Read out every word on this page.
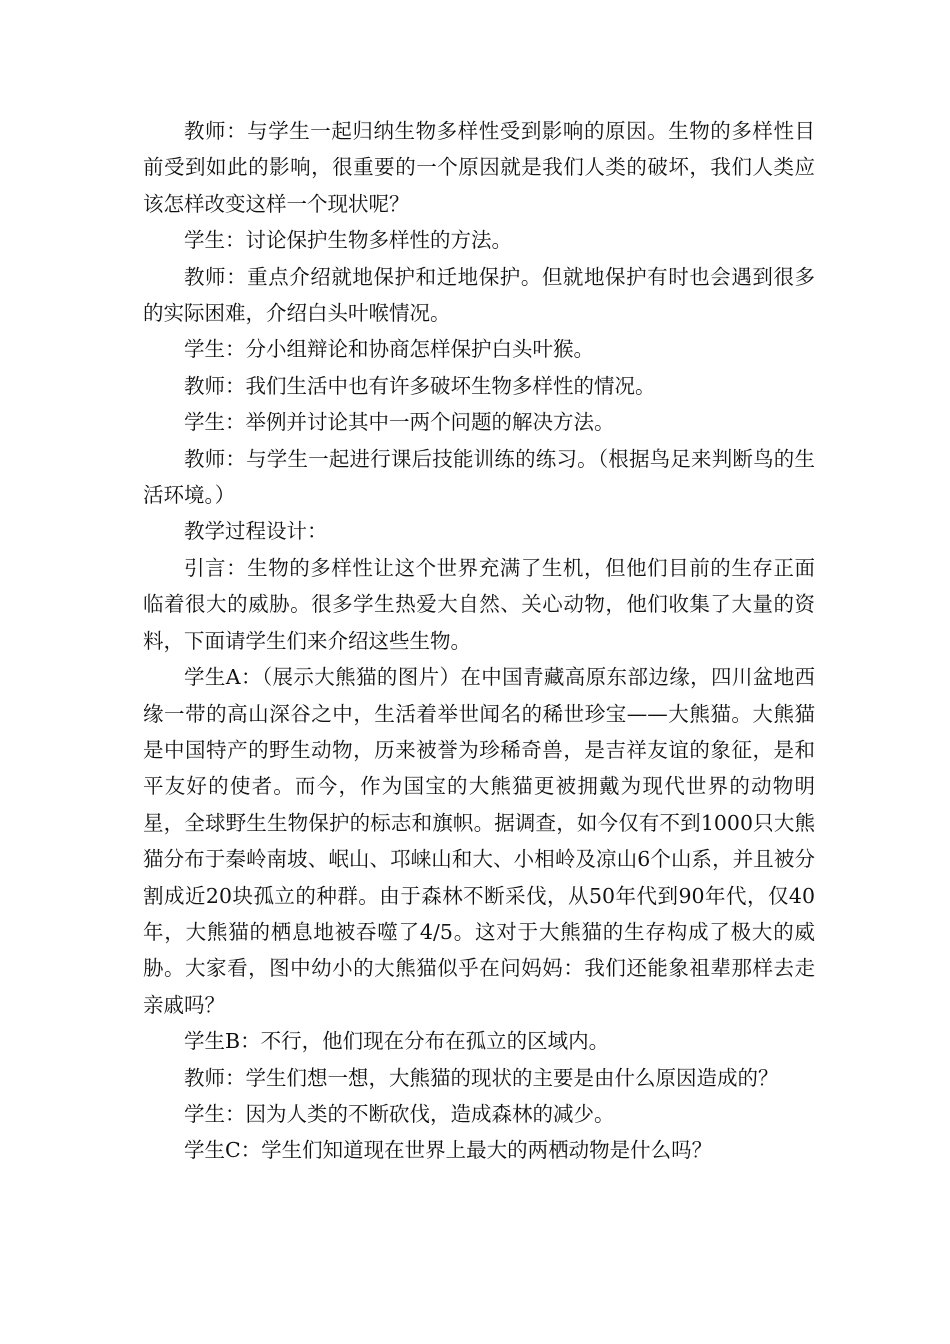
教师：与学生一起归纳生物多样性受到影响的原因。生物的多样性目前受到如此的影响，很重要的一个原因就是我们人类的破坏，我们人类应该怎样改变这样一个现状呢？

学生：讨论保护生物多样性的方法。

教师：重点介绍就地保护和迁地保护。但就地保护有时也会遇到很多的实际困难，介绍白头叶喉情况。

学生：分小组辩论和协商怎样保护白头叶猴。

教师：我们生活中也有许多破坏生物多样性的情况。

学生：举例并讨论其中一两个问题的解决方法。

教师：与学生一起进行课后技能训练的练习。（根据鸟足来判断鸟的生活环境。）

教学过程设计：

引言：生物的多样性让这个世界充满了生机，但他们目前的生存正面临着很大的威胁。很多学生热爱大自然、关心动物，他们收集了大量的资料，下面请学生们来介绍这些生物。

学生A：（展示大熊猫的图片）在中国青藏高原东部边缘，四川盆地西缘一带的高山深谷之中，生活着举世闻名的稀世珍宝——大熊猫。大熊猫是中国特产的野生动物，历来被誉为珍稀奇兽，是吉祥友谊的象征，是和平友好的使者。而今，作为国宝的大熊猫更被拥戴为现代世界的动物明星，全球野生生物保护的标志和旗帜。据调查，如今仅有不到1000只大熊猫分布于秦岭南坡、岷山、邛崃山和大、小相岭及凉山6个山系，并且被分割成近20块孤立的种群。由于森林不断采伐，从50年代到90年代，仅40年，大熊猫的栖息地被吞噬了4/5。这对于大熊猫的生存构成了极大的威胁。大家看，图中幼小的大熊猫似乎在问妈妈：我们还能象祖辈那样去走亲戚吗？

学生B：不行，他们现在分布在孤立的区域内。

教师：学生们想一想，大熊猫的现状的主要是由什么原因造成的？

学生：因为人类的不断砍伐，造成森林的减少。

学生C：学生们知道现在世界上最大的两栖动物是什么吗？
